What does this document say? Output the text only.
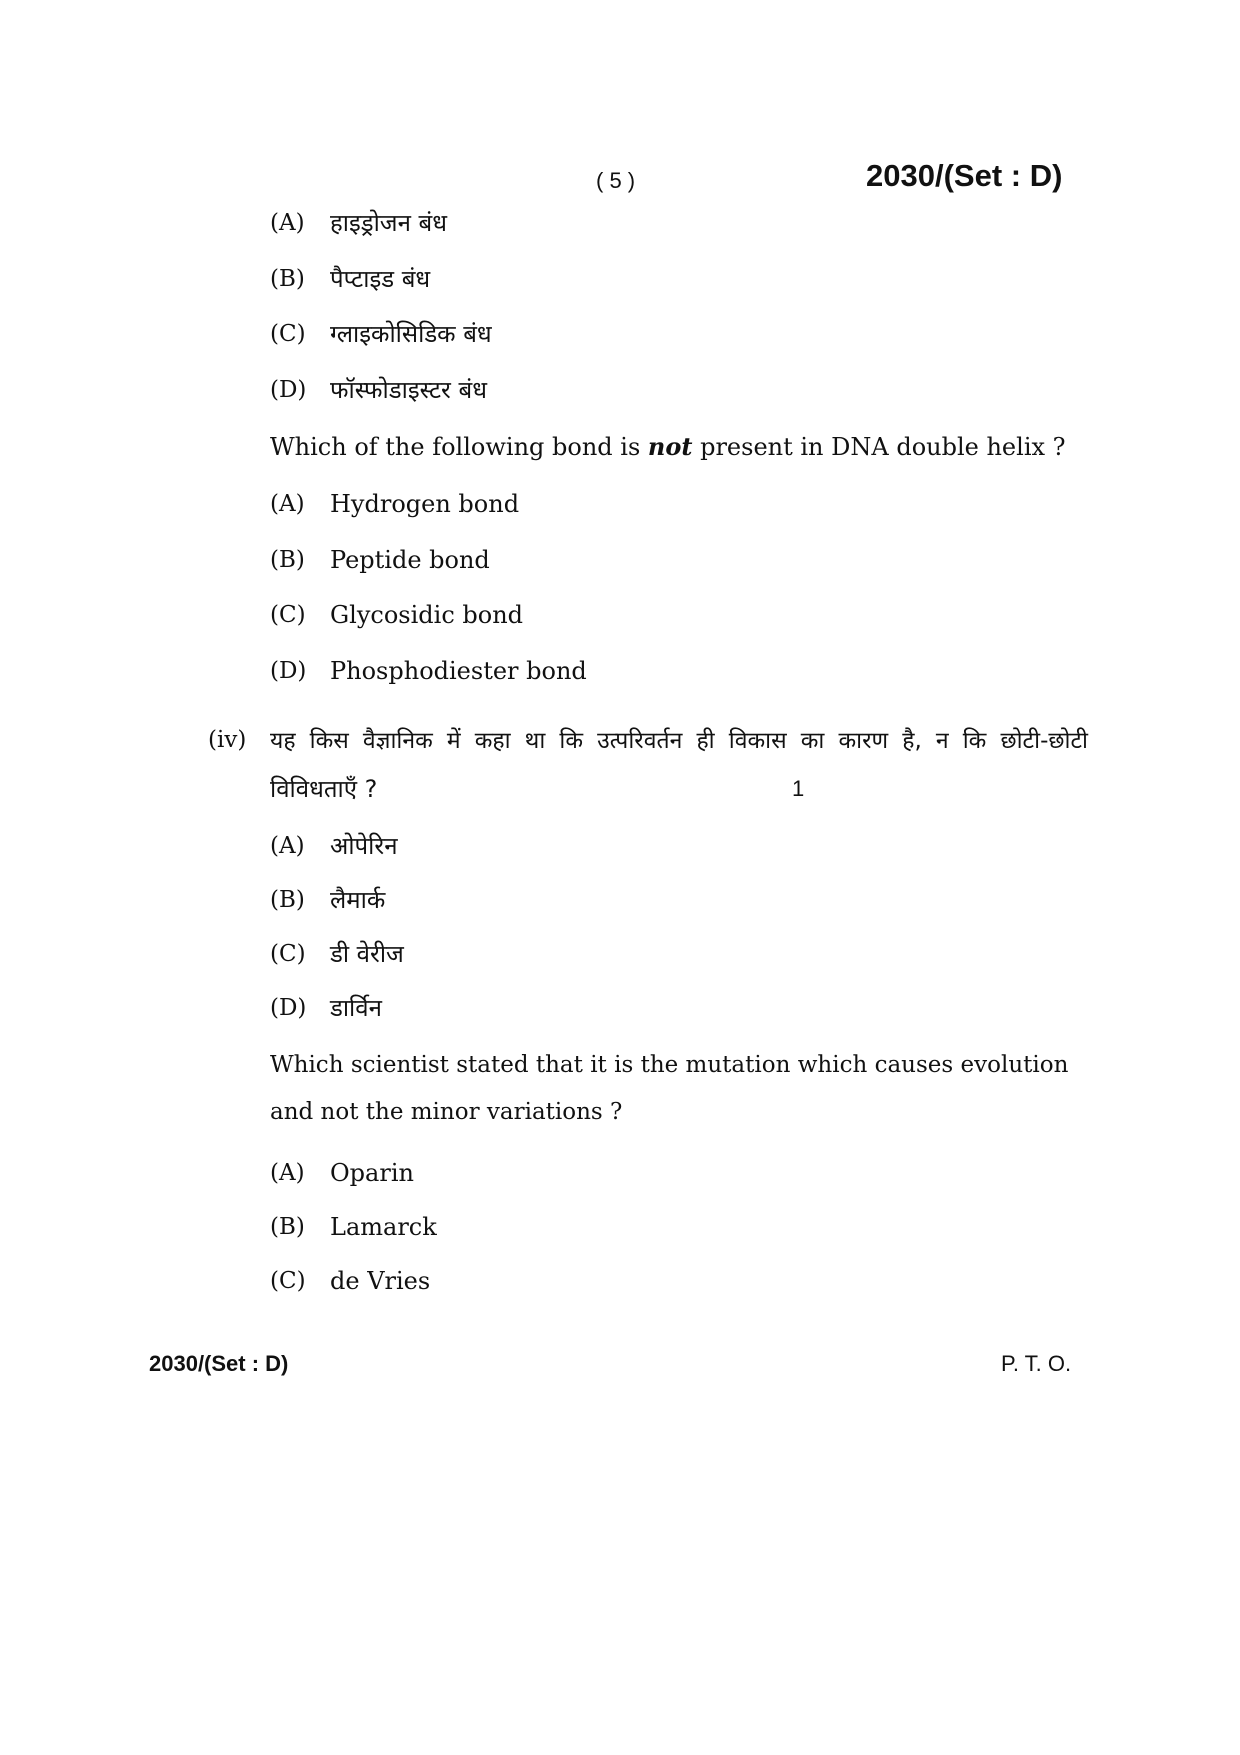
( 5 )	2030/(Set : D)
(A) हाइड्रोजन बंध
(B) पैप्टाइड बंध
(C) ग्लाइकोसिडिक बंध
(D) फॉस्फोडाइस्टर बंध
Which of the following bond is not present in DNA double helix ?
(A) Hydrogen bond
(B) Peptide bond
(C) Glycosidic bond
(D) Phosphodiester bond
(iv) यह किस वैज्ञानिक में कहा था कि उत्परिवर्तन ही विकास का कारण है, न कि छोटी-छोटी
विविधताएँ ?	1
(A) ओपेरिन
(B) लैमार्क
(C) डी वेरीज
(D) डार्विन
Which scientist stated that it is the mutation which causes evolution
and not the minor variations ?
(A) Oparin
(B) Lamarck
(C) de Vries
2030/(Set : D)	P. T. O.
